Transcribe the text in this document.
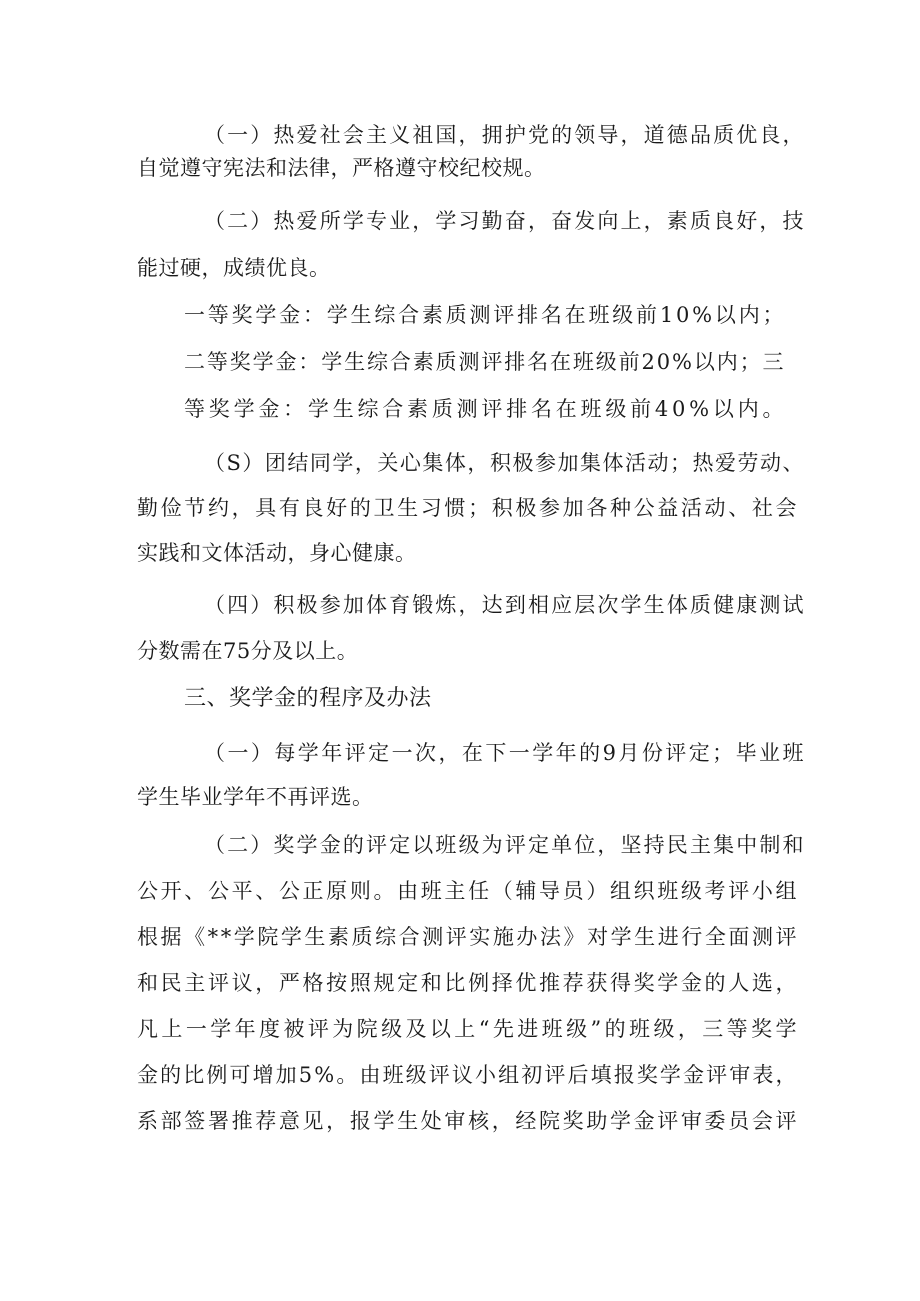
（一）热爱社会主义祖国，拥护党的领导，道德品质优良，
自觉遵守宪法和法律，严格遵守校纪校规。
（二）热爱所学专业，学习勤奋，奋发向上，素质良好，技
能过硬，成绩优良。
一等奖学金：学生综合素质测评排名在班级前10%以内；
二等奖学金：学生综合素质测评排名在班级前20%以内；三
等奖学金：学生综合素质测评排名在班级前40%以内。
（S）团结同学，关心集体，积极参加集体活动；热爱劳动、
勤俭节约，具有良好的卫生习惯；积极参加各种公益活动、社会
实践和文体活动，身心健康。
（四）积极参加体育锻炼，达到相应层次学生体质健康测试
分数需在75分及以上。
三、奖学金的程序及办法
（一）每学年评定一次，在下一学年的9月份评定；毕业班
学生毕业学年不再评选。
（二）奖学金的评定以班级为评定单位，坚持民主集中制和
公开、公平、公正原则。由班主任（辅导员）组织班级考评小组
根据《**学院学生素质综合测评实施办法》对学生进行全面测评
和民主评议，严格按照规定和比例择优推荐获得奖学金的人选，
凡上一学年度被评为院级及以上“先进班级”的班级，三等奖学
金的比例可增加5%。由班级评议小组初评后填报奖学金评审表，
系部签署推荐意见，报学生处审核，经院奖助学金评审委员会评
